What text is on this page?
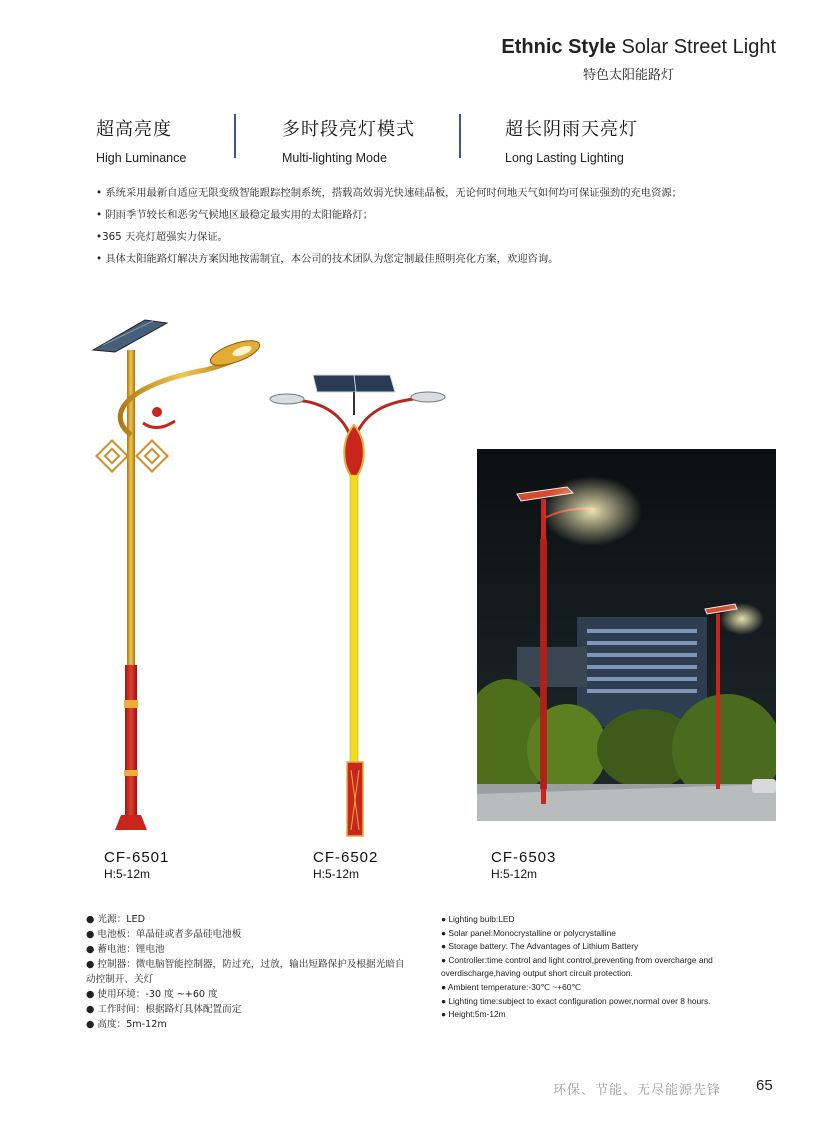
Ethnic Style Solar Street Light
特色太阳能路灯
超高亮度
High Luminance
多时段亮灯模式
Multi-lighting Mode
超长阴雨天亮灯
Long Lasting Lighting
• 系统采用最新自适应无限变级智能跟踪控制系统，搭载高效弱光快速硅晶板，无论何时何地天气如何均可保证强劲的充电资源；
• 阴雨季节较长和恶劣气候地区最稳定最实用的太阳能路灯；
•365 天亮灯超强实力保证。
• 具体太阳能路灯解决方案因地按需制宜，本公司的技术团队为您定制最佳照明亮化方案，欢迎咨询。
CF-6501
H:5-12m
CF-6502
H:5-12m
CF-6503
H:5-12m
● 光源：LED
● 电池板：单晶硅或者多晶硅电池板
● 蓄电池：锂电池
● 控制器：微电脑智能控制器，防过充，过放，输出短路保护及根据光暗自动控制开、关灯
● 使用环境：-30 度 ~+60 度
● 工作时间：根据路灯具体配置而定
● 高度：5m-12m
● Lighting bulb:LED
● Solar panel:Monocrystalline or polycrystalline
● Storage battery: The Advantages of Lithium Battery
● Controller:time control and light control,preventing from overcharge and overdischarge,having output short circuit protection.
● Ambient temperature:-30℃ ~+60℃
● Lighting time:subject to exact configuration power,normal over 8 hours.
● Height:5m-12m
环保、节能、无尽能源先锋 65
